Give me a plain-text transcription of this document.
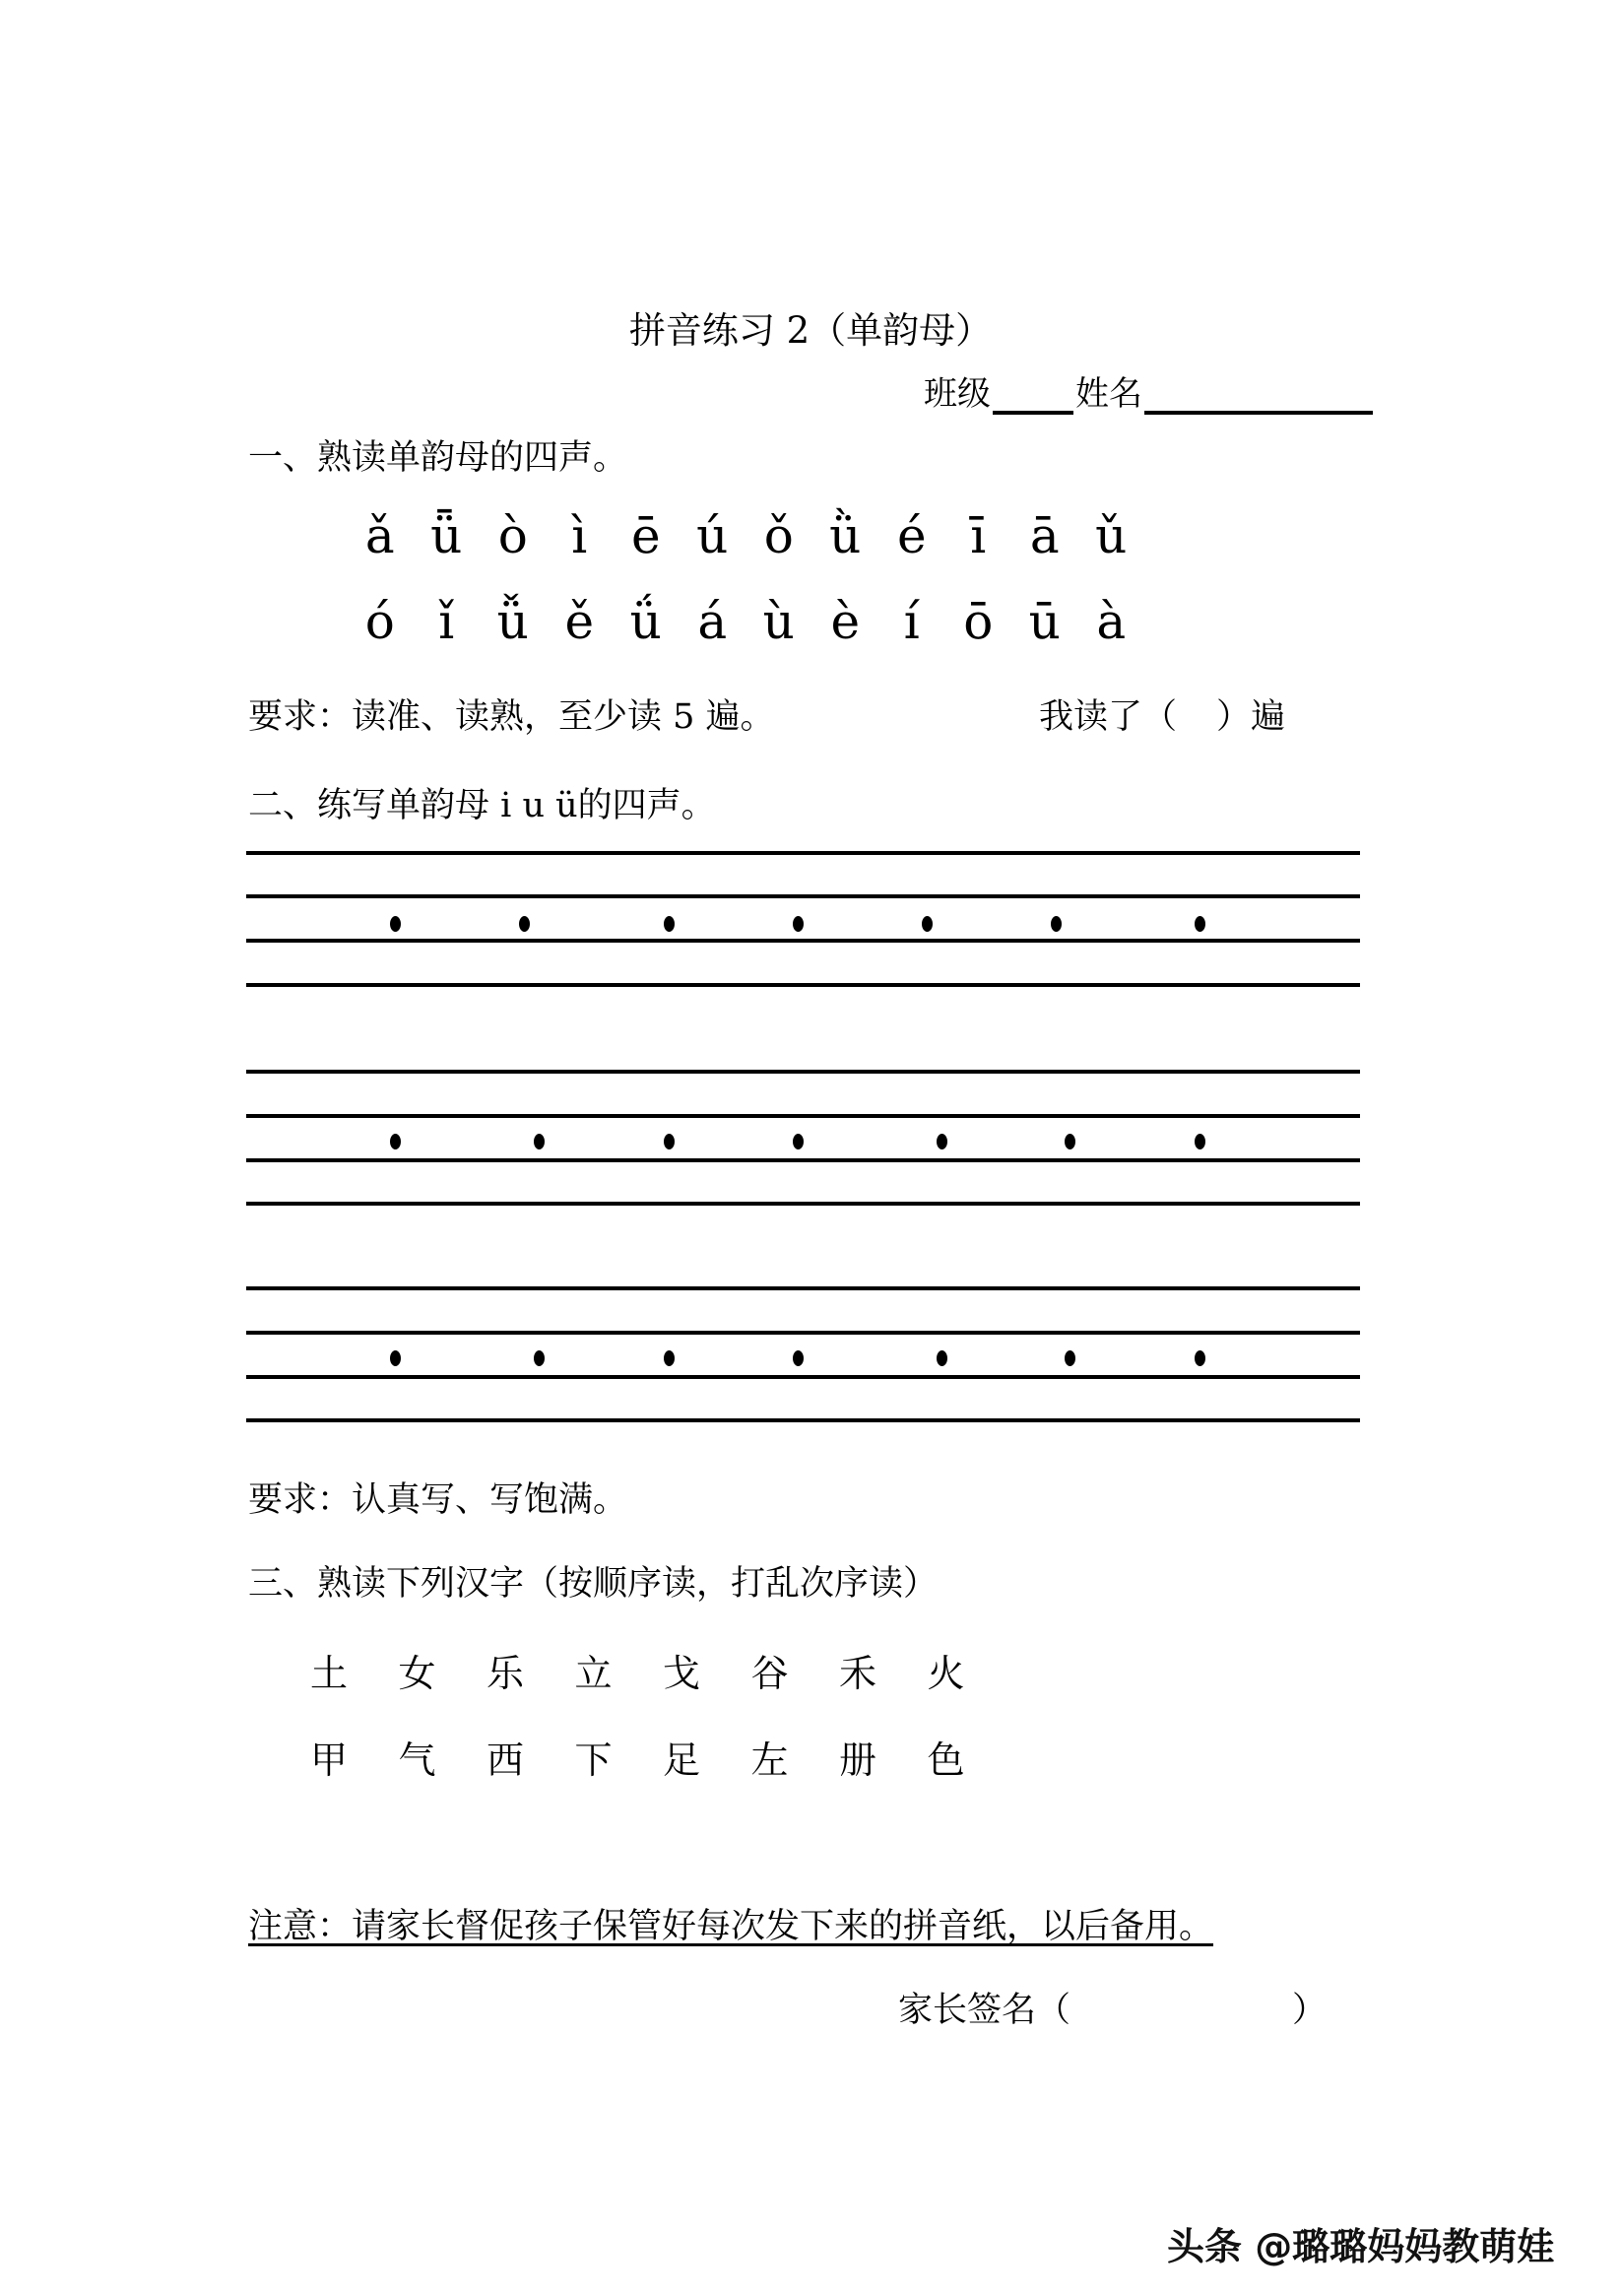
拼音练习 2（单韵母）
班级	姓名
一、熟读单韵母的四声。
ǎ ǖ ò ì ē ú ǒ ǜ é ī ā ǔ
ó ǐ ǚ ě ǘ á ù è í ō ū à
要求：读准、读熟，至少读 5 遍。	我读了（ ）遍
二、练写单韵母 i u ü的四声。
要求：认真写、写饱满。
三、熟读下列汉字（按顺序读，打乱次序读）
土	女	乐	立	戈	谷	禾	火
甲	气	西	下	足	左	册	色
注意：请家长督促孩子保管好每次发下来的拼音纸，以后备用。
家长签名（	）
头条 @璐璐妈妈教萌娃
